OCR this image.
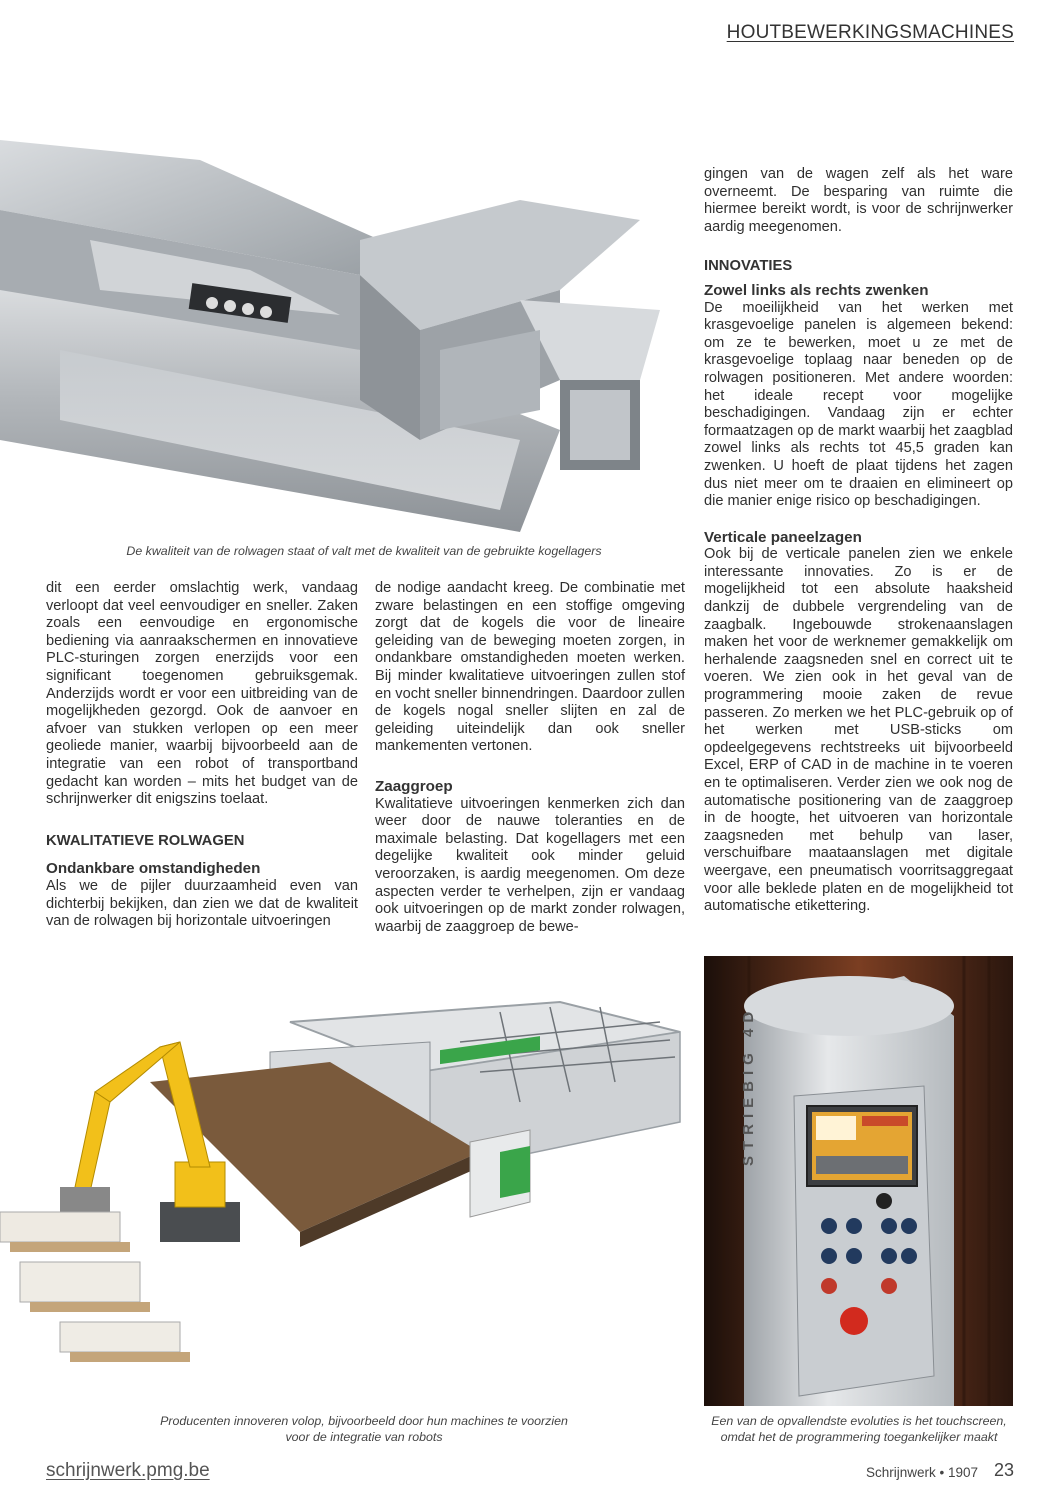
HOUTBEWERKINGSMACHINES
De kwaliteit van de rolwagen staat of valt met de kwaliteit van de gebruikte kogellagers

gingen van de wagen zelf als het ware overneemt. De besparing van ruimte die hiermee bereikt wordt, is voor de schrijnwerker aardig meegenomen.

INNOVATIES

Zowel links als rechts zwenken

De moeilijkheid van het werken met krasgevoelige panelen is algemeen bekend: om ze te bewerken, moet u ze met de krasgevoelige toplaag naar beneden op de rolwagen positioneren. Met andere woorden: het ideale recept voor mogelijke beschadigingen. Vandaag zijn er echter formaatzagen op de markt waarbij het zaagblad zowel links als rechts tot 45,5 graden kan zwenken. U hoeft de plaat tijdens het zagen dus niet meer om te draaien en elimineert op die manier enige risico op beschadigingen.

Verticale paneelzagen

Ook bij de verticale panelen zien we enkele interessante innovaties. Zo is er de mogelijkheid tot een absolute haaksheid dankzij de dubbele vergrendeling van de zaagbalk. Ingebouwde strokenaanslagen maken het voor de werknemer gemakkelijk om herhalende zaagsneden snel en correct uit te voeren. We zien ook in het geval van de programmering mooie zaken de revue passeren. Zo merken we het PLC-gebruik op of het werken met USB-sticks om opdeelgegevens rechtstreeks uit bijvoorbeeld Excel, ERP of CAD in de machine in te voeren en te optimaliseren. Verder zien we ook nog de automatische positionering van de zaaggroep in de hoogte, het uitvoeren van horizontale zaagsneden met behulp van laser, verschuifbare maataanslagen met digitale weergave, een pneumatisch voorritsaggregaat voor alle beklede platen en de mogelijkheid tot automatische etikettering.

dit een eerder omslachtig werk, vandaag verloopt dat veel eenvoudiger en sneller. Zaken zoals een eenvoudige en ergonomische bediening via aanraakschermen en innovatieve PLC-sturingen zorgen enerzijds voor een significant toegenomen gebruiksgemak. Anderzijds wordt er voor een uitbreiding van de mogelijkheden gezorgd. Ook de aanvoer en afvoer van stukken verlopen op een meer geoliede manier, waarbij bijvoorbeeld aan de integratie van een robot of transportband gedacht kan worden – mits het budget van de schrijnwerker dit enigszins toelaat.

KWALITATIEVE ROLWAGEN

Ondankbare omstandigheden

Als we de pijler duurzaamheid even van dichterbij bekijken, dan zien we dat de kwaliteit van de rolwagen bij horizontale uitvoeringen

de nodige aandacht kreeg. De combinatie met zware belastingen en een stoffige omgeving zorgt dat de kogels die voor de lineaire geleiding van de beweging moeten zorgen, in ondankbare omstandigheden moeten werken. Bij minder kwalitatieve uitvoeringen zullen stof en vocht sneller binnendringen. Daardoor zullen de kogels nogal sneller slijten en zal de geleiding uiteindelijk dan ook sneller mankementen vertonen.

Zaaggroep

Kwalitatieve uitvoeringen kenmerken zich dan weer door de nauwe toleranties en de maximale belasting. Dat kogellagers met een degelijke kwaliteit ook minder geluid veroorzaken, is aardig meegenomen. Om deze aspecten verder te verhelpen, zijn er vandaag ook uitvoeringen op de markt zonder rolwagen, waarbij de zaaggroep de bewe-

Producenten innoveren volop, bijvoorbeeld door hun machines te voorzien
voor de integratie van robots
STRIEBIG 4D
Een van de opvallendste evoluties is het touchscreen,
omdat het de programmering toegankelijker maakt
schrijnwerk.pmg.be	Schrijnwerk • 1907 23
